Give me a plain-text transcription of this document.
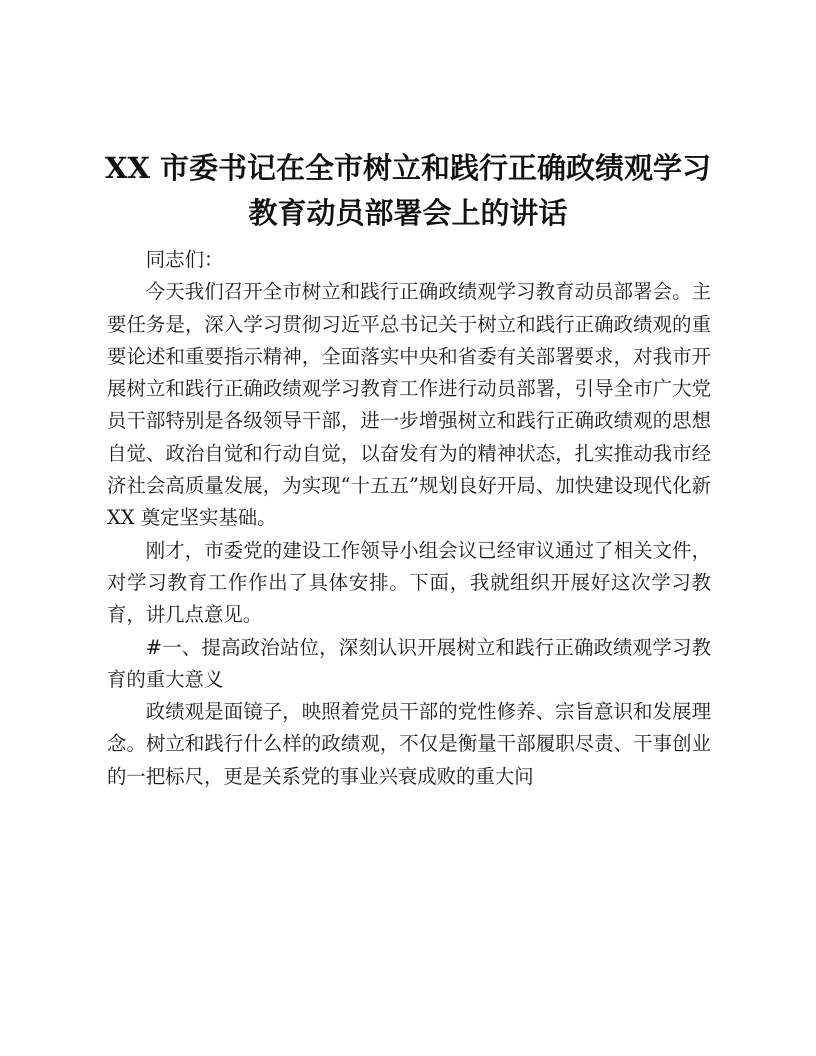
XX 市委书记在全市树立和践行正确政绩观学习
教育动员部署会上的讲话

同志们：

今天我们召开全市树立和践行正确政绩观学习教育动员部署会。主要任务是，深入学习贯彻习近平总书记关于树立和践行正确政绩观的重要论述和重要指示精神，全面落实中央和省委有关部署要求，对我市开展树立和践行正确政绩观学习教育工作进行动员部署，引导全市广大党员干部特别是各级领导干部，进一步增强树立和践行正确政绩观的思想自觉、政治自觉和行动自觉，以奋发有为的精神状态，扎实推动我市经济社会高质量发展，为实现“十五五”规划良好开局、加快建设现代化新 XX 奠定坚实基础。

刚才，市委党的建设工作领导小组会议已经审议通过了相关文件，对学习教育工作作出了具体安排。下面，我就组织开展好这次学习教育，讲几点意见。

#一、提高政治站位，深刻认识开展树立和践行正确政绩观学习教育的重大意义

政绩观是面镜子，映照着党员干部的党性修养、宗旨意识和发展理念。树立和践行什么样的政绩观，不仅是衡量干部履职尽责、干事创业的一把标尺，更是关系党的事业兴衰成败的重大问
